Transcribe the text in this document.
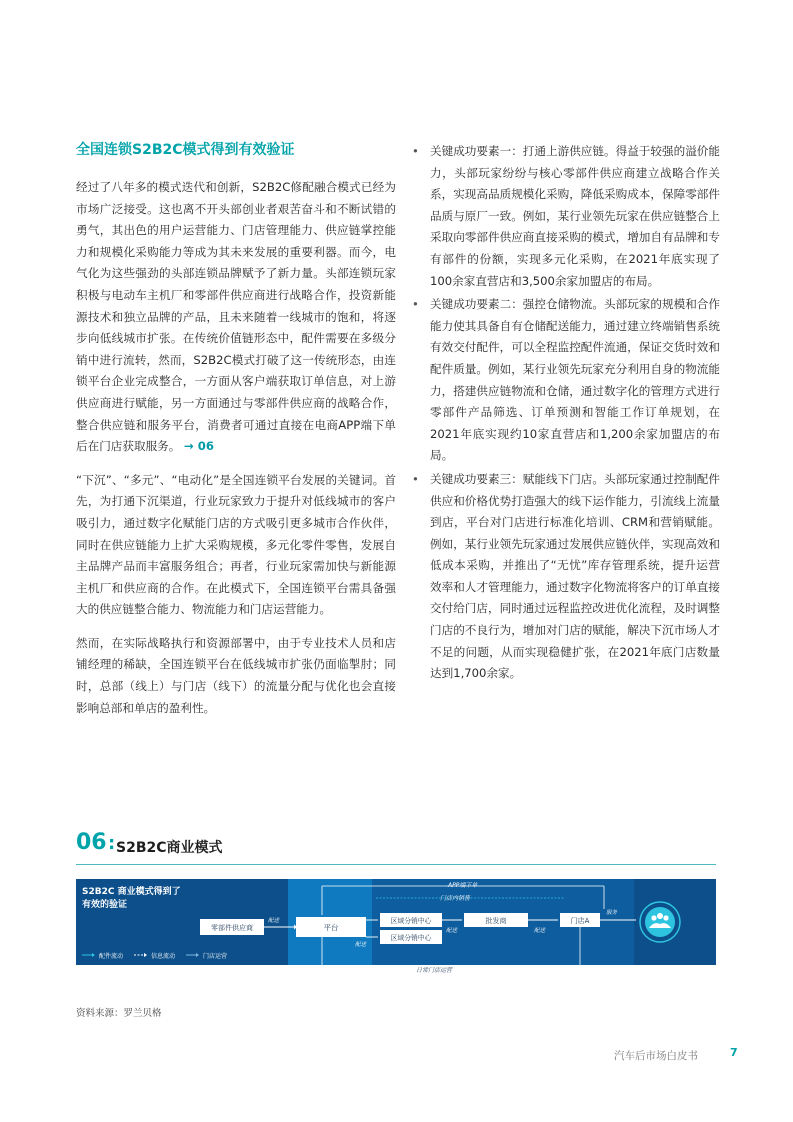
全国连锁S2B2C模式得到有效验证

经过了八年多的模式迭代和创新，S2B2C修配融合模式已经为市场广泛接受。这也离不开头部创业者艰苦奋斗和不断试错的勇气，其出色的用户运营能力、门店管理能力、供应链掌控能力和规模化采购能力等成为其未来发展的重要利器。而今，电气化为这些强劲的头部连锁品牌赋予了新力量。头部连锁玩家积极与电动车主机厂和零部件供应商进行战略合作，投资新能源技术和独立品牌的产品，且未来随着一线城市的饱和，将逐步向低线城市扩张。在传统价值链形态中，配件需要在多级分销中进行流转，然而，S2B2C模式打破了这一传统形态，由连锁平台企业完成整合，一方面从客户端获取订单信息，对上游供应商进行赋能，另一方面通过与零部件供应商的战略合作，整合供应链和服务平台，消费者可通过直接在电商APP端下单后在门店获取服务。 → 06

“下沉”、“多元”、“电动化”是全国连锁平台发展的关键词。首先，为打通下沉渠道，行业玩家致力于提升对低线城市的客户吸引力，通过数字化赋能门店的方式吸引更多城市合作伙伴，同时在供应链能力上扩大采购规模，多元化零件零售，发展自主品牌产品而丰富服务组合；再者，行业玩家需加快与新能源主机厂和供应商的合作。在此模式下，全国连锁平台需具备强大的供应链整合能力、物流能力和门店运营能力。

然而，在实际战略执行和资源部署中，由于专业技术人员和店铺经理的稀缺，全国连锁平台在低线城市扩张仍面临掣肘；同时，总部（线上）与门店（线下）的流量分配与优化也会直接影响总部和单店的盈利性。

• 关键成功要素一：打通上游供应链。得益于较强的溢价能力，头部玩家纷纷与核心零部件供应商建立战略合作关系，实现高品质规模化采购，降低采购成本，保障零部件品质与原厂一致。例如，某行业领先玩家在供应链整合上采取向零部件供应商直接采购的模式，增加自有品牌和专有部件的份额，实现多元化采购，在2021年底实现了100余家直营店和3,500余家加盟店的布局。
• 关键成功要素二：强控仓储物流。头部玩家的规模和合作能力使其具备自有仓储配送能力，通过建立终端销售系统有效交付配件，可以全程监控配件流通，保证交货时效和配件质量。例如，某行业领先玩家充分利用自身的物流能力，搭建供应链物流和仓储，通过数字化的管理方式进行零部件产品筛选、订单预测和智能工作订单规划，在2021年底实现约10家直营店和1,200余家加盟店的布局。
• 关键成功要素三：赋能线下门店。头部玩家通过控制配件供应和价格优势打造强大的线下运作能力，引流线上流量到店，平台对门店进行标准化培训、CRM和营销赋能。例如，某行业领先玩家通过发展供应链伙伴，实现高效和低成本采购，并推出了“无忧”库存管理系统，提升运营效率和人才管理能力，通过数字化物流将客户的订单直接交付给门店，同时通过远程监控改进优化流程，及时调整门店的不良行为，增加对门店的赋能，解决下沉市场人才不足的问题，从而实现稳健扩张，在2021年底门店数量达到1,700余家。
06 : S2B2C商业模式
S2B2C 商业模式得到了
有效的验证
APP端下单
门店内销售
零部件供应商	平台
区域分销中心
区域分销中心
批发商	门店A
配送
配送
配送	配送
服务
日常门店运营
配件流动	信息流动	门店运营
资料来源：罗兰贝格
汽车后市场白皮书	7
